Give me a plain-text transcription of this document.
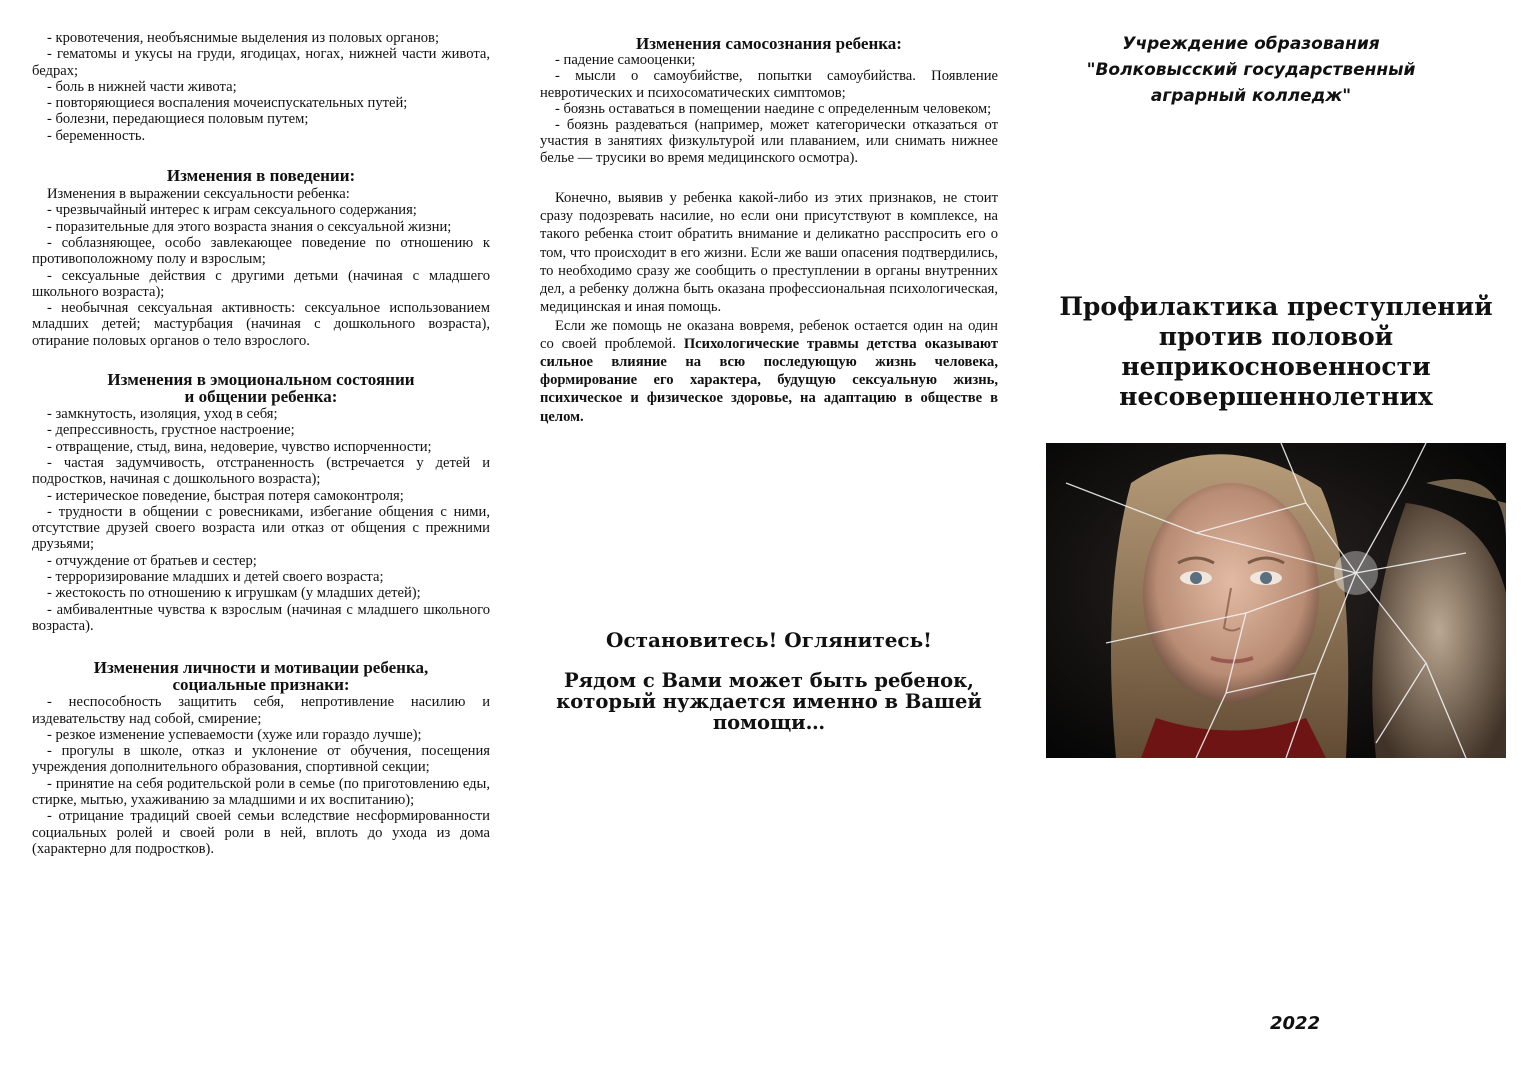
- кровотечения, необъяснимые выделения из половых органов;

- гематомы и укусы на груди, ягодицах, ногах, нижней части живота, бедрах;

- боль в нижней части живота;

- повторяющиеся воспаления мочеиспускательных путей;

- болезни, передающиеся половым путем;

- беременность.

Изменения в поведении:

Изменения в выражении сексуальности ребенка:

- чрезвычайный интерес к играм сексуального содержания;

- поразительные для этого возраста знания о сексуальной жизни;

- соблазняющее, особо завлекающее поведение по отношению к противоположному полу и взрослым;

- сексуальные действия с другими детьми (начиная с младшего школьного возраста);

- необычная сексуальная активность: сексуальное использованием младших детей; мастурбация (начиная с дошкольного возраста), отирание половых органов о тело взрослого.

Изменения в эмоциональном состоянии
и общении ребенка:

- замкнутость, изоляция, уход в себя;

- депрессивность, грустное настроение;

- отвращение, стыд, вина, недоверие, чувство испорченности;

- частая задумчивость, отстраненность (встречается у детей и подростков, начиная с дошкольного возраста);

- истерическое поведение, быстрая потеря самоконтроля;

- трудности в общении с ровесниками, избегание общения с ними, отсутствие друзей своего возраста или отказ от общения с прежними друзьями;

- отчуждение от братьев и сестер;

- терроризирование младших и детей своего возраста;

- жестокость по отношению к игрушкам (у младших детей);

- амбивалентные чувства к взрослым (начиная с младшего школьного возраста).

Изменения личности и мотивации ребенка,
социальные признаки:

- неспособность защитить себя, непротивление насилию и издевательству над собой, смирение;

- резкое изменение успеваемости (хуже или гораздо лучше);

- прогулы в школе, отказ и уклонение от обучения, посещения учреждения дополнительного образования, спортивной секции;

- принятие на себя родительской роли в семье (по приготовлению еды, стирке, мытью, ухаживанию за младшими и их воспитанию);

- отрицание традиций своей семьи вследствие несформированности социальных ролей и своей роли в ней, вплоть до ухода из дома (характерно для подростков).

Изменения самосознания ребенка:

- падение самооценки;

- мысли о самоубийстве, попытки самоубийства. Появление невротических и психосоматических симптомов;

- боязнь оставаться в помещении наедине с определенным человеком;

- боязнь раздеваться (например, может категорически отказаться от участия в занятиях физкультурой или плаванием, или снимать нижнее белье — трусики во время медицинского осмотра).

Конечно, выявив у ребенка какой-либо из этих признаков, не стоит сразу подозревать насилие, но если они присутствуют в комплексе, на такого ребенка стоит обратить внимание и деликатно расспросить его о том, что происходит в его жизни. Если же ваши опасения подтвердились, то необходимо сразу же сообщить о преступлении в органы внутренних дел, а ребенку должна быть оказана профессиональная психологическая, медицинская и иная помощь.

Если же помощь не оказана вовремя, ребенок остается один на один со своей проблемой. Психологические травмы детства оказывают сильное влияние на всю последующую жизнь человека, формирование его характера, будущую сексуальную жизнь, психическое и физическое здоровье, на адаптацию в обществе в целом.

Остановитесь! Оглянитесь!
Рядом с Вами может быть ребенок, который нуждается именно в Вашей помощи…
Учреждение образования
"Волковысский государственный
аграрный колледж"
Профилактика преступлений
против половой
неприкосновенности
несовершеннолетних
2022
